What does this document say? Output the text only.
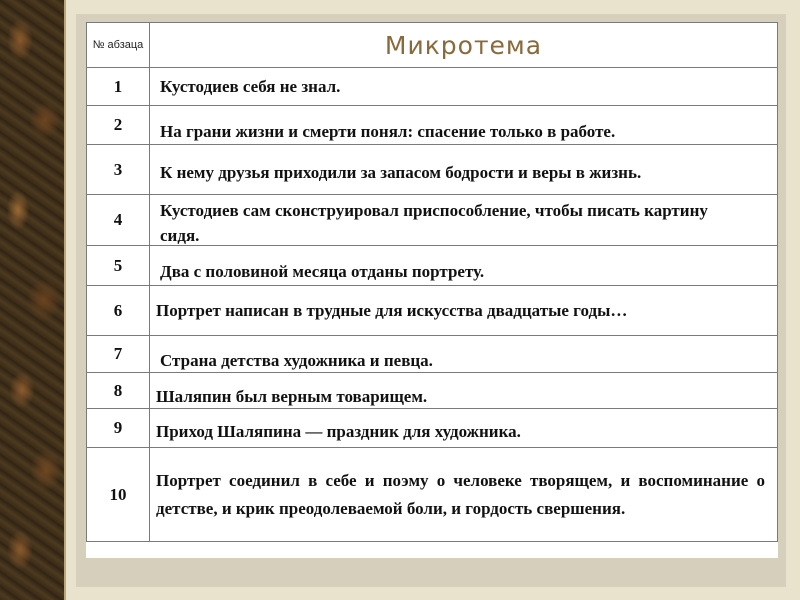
№ абзаца	Микротема

1	Кустодиев себя не знал.
2	На грани жизни и смерти понял: спасение только в работе.
3	К нему друзья приходили за запасом бодрости и веры в жизнь.

4	Кустодиев сам сконструировал приспособление, чтобы писать картину сидя.

5	Два с половиной месяца отданы портрету.
6	Портрет написан в трудные для искусства двадцатые годы…

7	Страна детства художника и певца.
8	Шаляпин был верным товарищем.
9	Приход Шаляпина — праздник для художника.
10	Портрет соединил в себе и поэму о человеке творящем, и воспоминание о детстве, и крик преодолеваемой боли, и гордость свершения.
